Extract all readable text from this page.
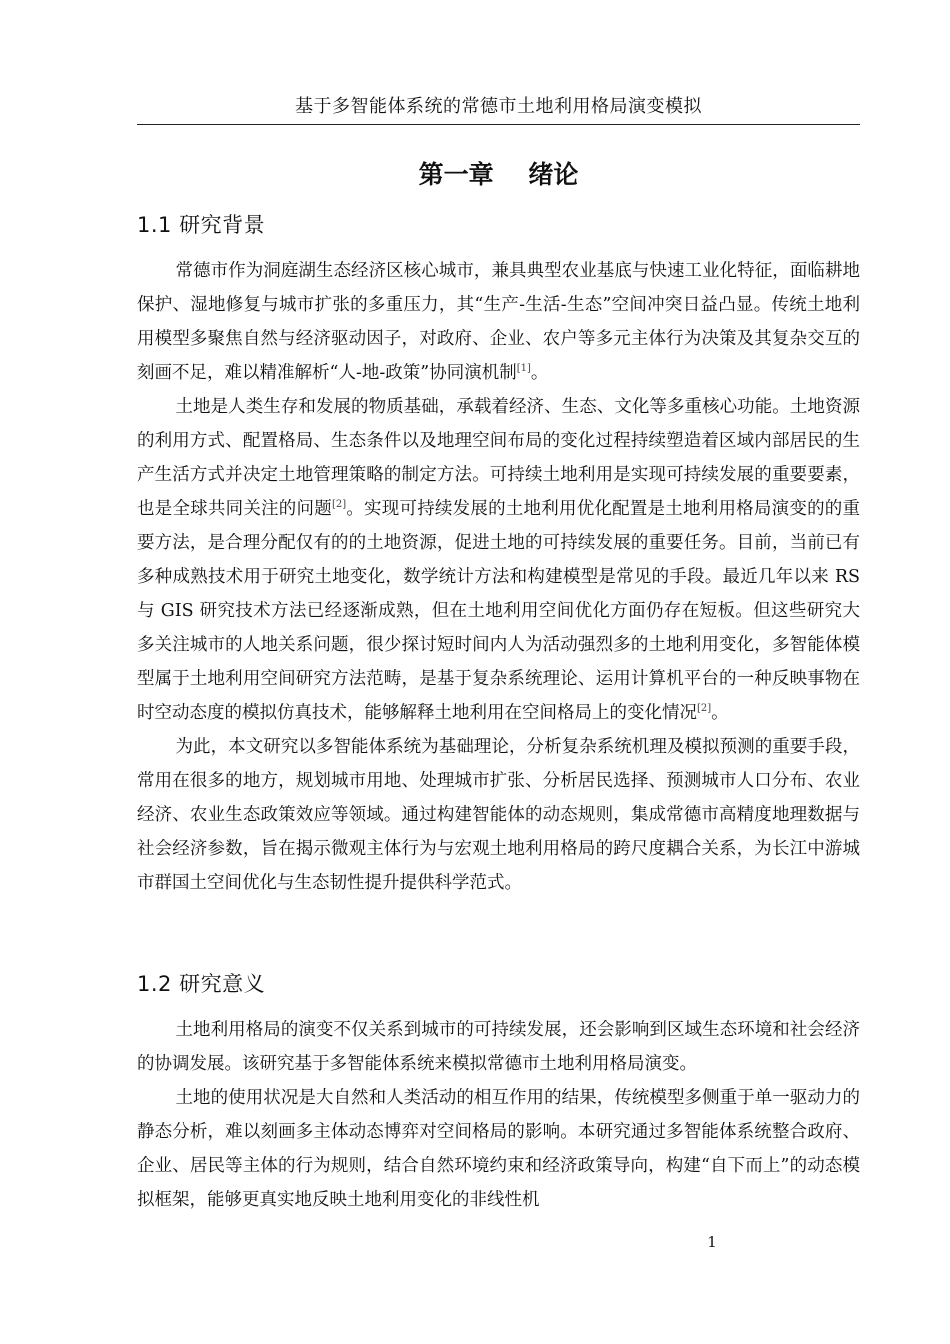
基于多智能体系统的常德市土地利用格局演变模拟
第一章    绪论
1.1 研究背景

常德市作为洞庭湖生态经济区核心城市，兼具典型农业基底与快速工业化特征，面临耕地保护、湿地修复与城市扩张的多重压力，其“生产-生活-生态”空间冲突日益凸显。传统土地利用模型多聚焦自然与经济驱动因子，对政府、企业、农户等多元主体行为决策及其复杂交互的刻画不足，难以精准解析“人-地-政策”协同演机制[1]。

土地是人类生存和发展的物质基础，承载着经济、生态、文化等多重核心功能。土地资源的利用方式、配置格局、生态条件以及地理空间布局的变化过程持续塑造着区域内部居民的生产生活方式并决定土地管理策略的制定方法。可持续土地利用是实现可持续发展的重要要素，也是全球共同关注的问题[2]。实现可持续发展的土地利用优化配置是土地利用格局演变的的重要方法，是合理分配仅有的的土地资源，促进土地的可持续发展的重要任务。目前，当前已有多种成熟技术用于研究土地变化，数学统计方法和构建模型是常见的手段。最近几年以来 RS 与 GIS 研究技术方法已经逐渐成熟，但在土地利用空间优化方面仍存在短板。但这些研究大多关注城市的人地关系问题，很少探讨短时间内人为活动强烈多的土地利用变化，多智能体模型属于土地利用空间研究方法范畴，是基于复杂系统理论、运用计算机平台的一种反映事物在时空动态度的模拟仿真技术，能够解释土地利用在空间格局上的变化情况[2]。

为此，本文研究以多智能体系统为基础理论，分析复杂系统机理及模拟预测的重要手段，常用在很多的地方，规划城市用地、处理城市扩张、分析居民选择、预测城市人口分布、农业经济、农业生态政策效应等领域。通过构建智能体的动态规则，集成常德市高精度地理数据与社会经济参数，旨在揭示微观主体行为与宏观土地利用格局的跨尺度耦合关系，为长江中游城市群国土空间优化与生态韧性提升提供科学范式。

1.2 研究意义

土地利用格局的演变不仅关系到城市的可持续发展，还会影响到区域生态环境和社会经济的协调发展。该研究基于多智能体系统来模拟常德市土地利用格局演变。

土地的使用状况是大自然和人类活动的相互作用的结果，传统模型多侧重于单一驱动力的静态分析，难以刻画多主体动态博弈对空间格局的影响。本研究通过多智能体系统整合政府、企业、居民等主体的行为规则，结合自然环境约束和经济政策导向，构建“自下而上”的动态模拟框架，能够更真实地反映土地利用变化的非线性机

1
